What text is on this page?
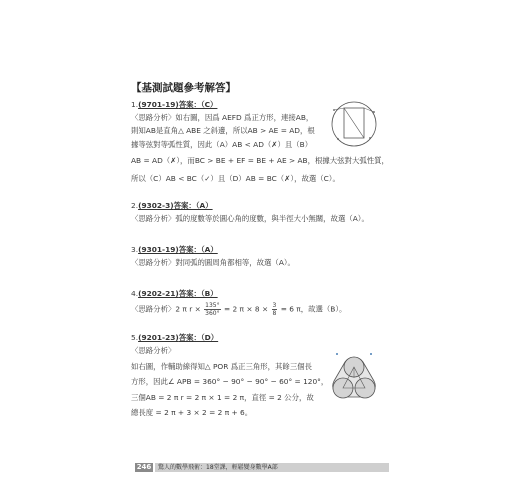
【基測試題參考解答】
1.(9701-19)答案：（C）
〈思路分析〉如右圖，因爲 AEFD 爲正方形，連接AB，
則知AB是直角△ ABE 之斜邊，所以AB > AE = AD，根
據等弦對等弧性質，因此（A）AB < AD（✗）且（B）
AB = AD（✗），而BC > BE + EF = BE + AE > AB，根據大弦對大弧性質，
所以（C）AB < BC（✓）且（D）AB = BC（✗），故選（C）。
2.(9302-3)答案：（A）
〈思路分析〉弧的度數等於圓心角的度數，與半徑大小無關，故選（A）。
3.(9301-19)答案：（A）
〈思路分析〉對同弧的圓周角都相等，故選（A）。
4.(9202-21)答案：（B）
〈思路分析〉2 π $r \times \frac{135^\circ}{360^\circ} = 2$ $\pi \times 8 \times \frac{3}{8} = 6$ π，故選（B）。
5.(9201-23)答案：（D）
〈思路分析〉
如右圖，作輔助線得知△ POR 爲正三角形，其餘三個長
方形，因此∠ APB = 360° − 90° − 90° − 60° = 120°，
三個AB = 2 π r = 2 π × 1 = 2 π，直徑 = 2 公分，故
總長度 = 2 π + 3 × 2 = 2 π + 6。
246	驚人的數學飛術：18堂課，輕鬆變身數學A部
